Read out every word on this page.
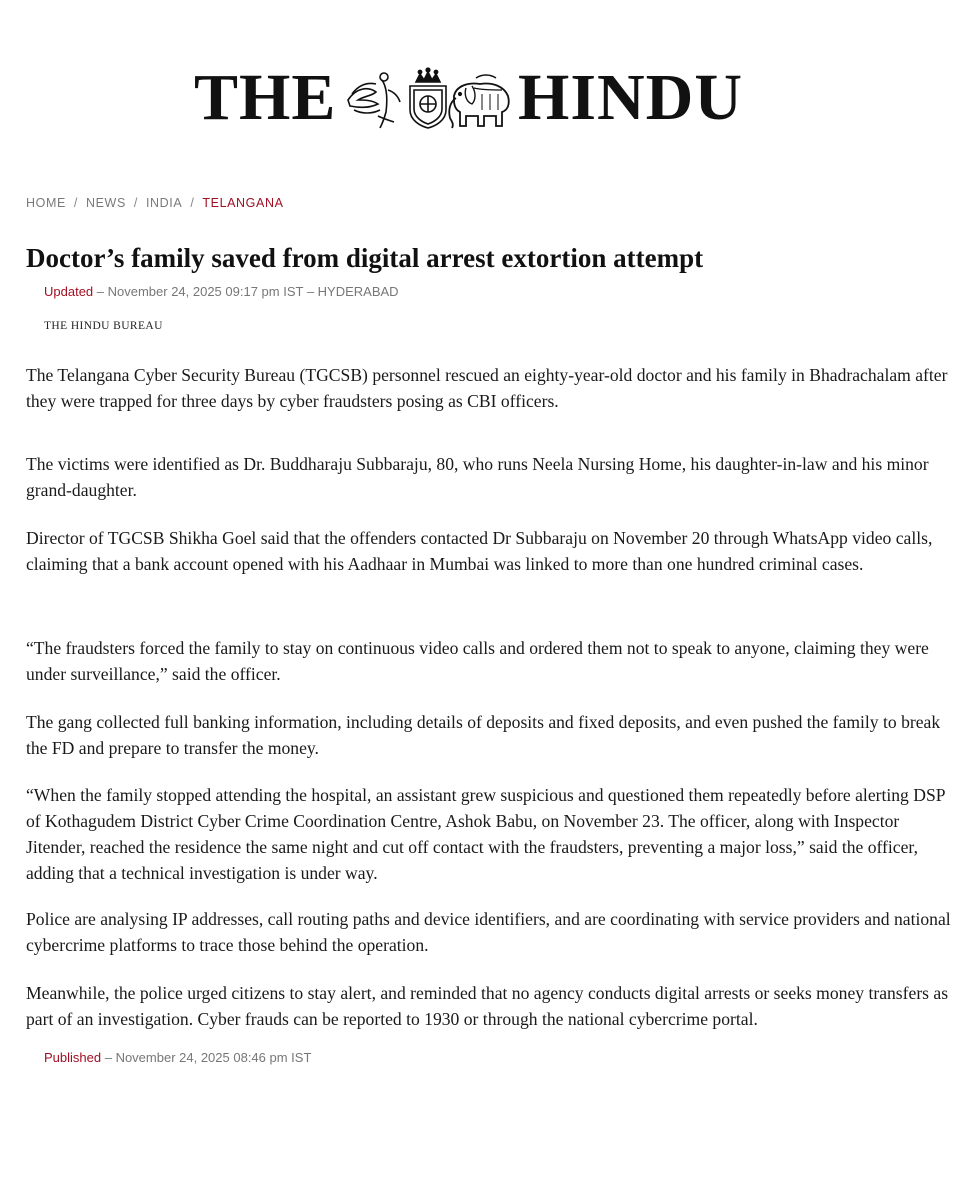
THE	HINDU
HOME / NEWS / INDIA / TELANGANA
Doctor’s family saved from digital arrest extortion attempt
Updated – November 24, 2025 09:17 pm IST – HYDERABAD
THE HINDU BUREAU

The Telangana Cyber Security Bureau (TGCSB) personnel rescued an eighty-year-old doctor and his family in Bhadrachalam after they were trapped for three days by cyber fraudsters posing as CBI officers.

The victims were identified as Dr. Buddharaju Subbaraju, 80, who runs Neela Nursing Home, his daughter-in-law and his minor grand-daughter.

Director of TGCSB Shikha Goel said that the offenders contacted Dr Subbaraju on November 20 through WhatsApp video calls, claiming that a bank account opened with his Aadhaar in Mumbai was linked to more than one hundred criminal cases.

“The fraudsters forced the family to stay on continuous video calls and ordered them not to speak to anyone, claiming they were under surveillance,” said the officer.

The gang collected full banking information, including details of deposits and fixed deposits, and even pushed the family to break the FD and prepare to transfer the money.

“When the family stopped attending the hospital, an assistant grew suspicious and questioned them repeatedly before alerting DSP of Kothagudem District Cyber Crime Coordination Centre, Ashok Babu, on November 23. The officer, along with Inspector Jitender, reached the residence the same night and cut off contact with the fraudsters, preventing a major loss,” said the officer, adding that a technical investigation is under way.

Police are analysing IP addresses, call routing paths and device identifiers, and are coordinating with service providers and national cybercrime platforms to trace those behind the operation.

Meanwhile, the police urged citizens to stay alert, and reminded that no agency conducts digital arrests or seeks money transfers as part of an investigation. Cyber frauds can be reported to 1930 or through the national cybercrime portal.

Published – November 24, 2025 08:46 pm IST
